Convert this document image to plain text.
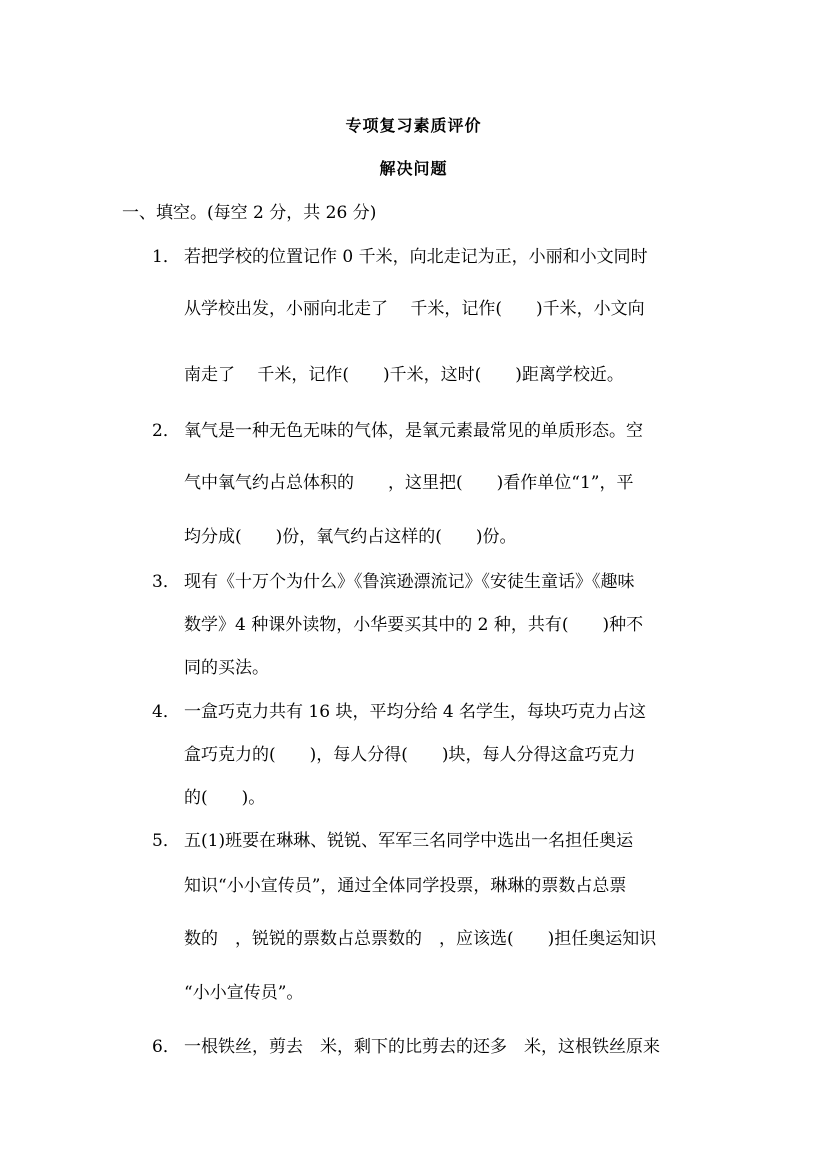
专项复习素质评价
解决问题
一、填空。(每空 2 分，共 26 分)
1． 若把学校的位置记作 0 千米，向北走记为正，小丽和小文同时
从学校出发，小丽向北走了　 千米，记作(　　)千米，小文向
南走了　 千米，记作(　　)千米，这时(　　)距离学校近。
2． 氧气是一种无色无味的气体，是氧元素最常见的单质形态。空
气中氧气约占总体积的　　，这里把(　　)看作单位“1”，平
均分成(　　)份，氧气约占这样的(　　)份。
3． 现有《十万个为什么》《鲁滨逊漂流记》《安徒生童话》《趣味
数学》4 种课外读物，小华要买其中的 2 种，共有(　　)种不
同的买法。
4． 一盒巧克力共有 16 块，平均分给 4 名学生，每块巧克力占这
盒巧克力的(　　)，每人分得(　　)块，每人分得这盒巧克力
的(　　)。
5． 五(1)班要在琳琳、锐锐、军军三名同学中选出一名担任奥运
知识“小小宣传员”，通过全体同学投票，琳琳的票数占总票
数的　，锐锐的票数占总票数的　，应该选(　　)担任奥运知识
“小小宣传员”。
6． 一根铁丝，剪去　米，剩下的比剪去的还多　米，这根铁丝原来
